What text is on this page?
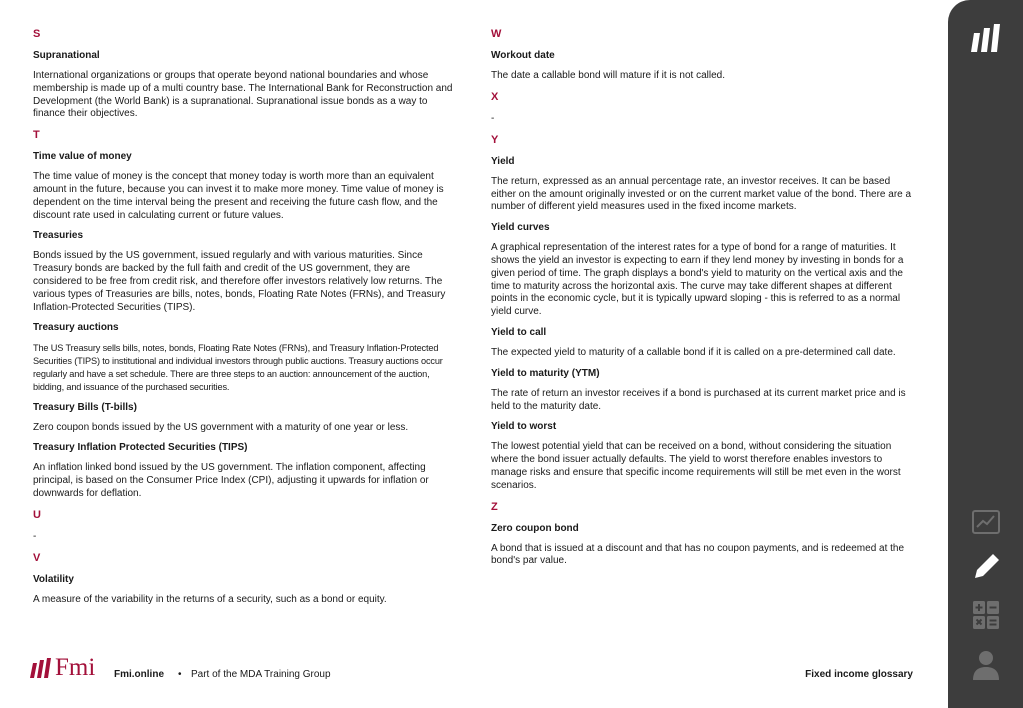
S
Supranational
International organizations or groups that operate beyond national boundaries and whose membership is made up of a multi country base. The International Bank for Reconstruction and Development (the World Bank) is a supranational. Supranational issue bonds as a way to finance their objectives.
T
Time value of money
The time value of money is the concept that money today is worth more than an equivalent amount in the future, because you can invest it to make more money. Time value of money is dependent on the time interval being the present and receiving the future cash flow, and the discount rate used in calculating current or future values.
Treasuries
Bonds issued by the US government, issued regularly and with various maturities. Since Treasury bonds are backed by the full faith and credit of the US government, they are considered to be free from credit risk, and therefore offer investors relatively low returns. The various types of Treasuries are bills, notes, bonds, Floating Rate Notes (FRNs), and Treasury Inflation-Protected Securities (TIPS).
Treasury auctions
The US Treasury sells bills, notes, bonds, Floating Rate Notes (FRNs), and Treasury Inflation-Protected Securities (TIPS) to institutional and individual investors through public auctions. Treasury auctions occur regularly and have a set schedule. There are three steps to an auction: announcement of the auction, bidding, and issuance of the purchased securities.
Treasury Bills (T-bills)
Zero coupon bonds issued by the US government with a maturity of one year or less.
Treasury Inflation Protected Securities (TIPS)
An inflation linked bond issued by the US government. The inflation component, affecting principal, is based on the Consumer Price Index (CPI), adjusting it upwards for inflation or downwards for deflation.
U
-
V
Volatility
A measure of the variability in the returns of a security, such as a bond or equity.
W
Workout date
The date a callable bond will mature if it is not called.
X
-
Y
Yield
The return, expressed as an annual percentage rate, an investor receives. It can be based either on the amount originally invested or on the current market value of the bond. There are a number of different yield measures used in the fixed income markets.
Yield curves
A graphical representation of the interest rates for a type of bond for a range of maturities. It shows the yield an investor is expecting to earn if they lend money by investing in bonds for a given period of time. The graph displays a bond's yield to maturity on the vertical axis and the time to maturity across the horizontal axis. The curve may take different shapes at different points in the economic cycle, but it is typically upward sloping - this is referred to as a normal yield curve.
Yield to call
The expected yield to maturity of a callable bond if it is called on a pre-determined call date.
Yield to maturity (YTM)
The rate of return an investor receives if a bond is purchased at its current market price and is held to the maturity date.
Yield to worst
The lowest potential yield that can be received on a bond, without considering the situation where the bond issuer actually defaults. The yield to worst therefore enables investors to manage risks and ensure that specific income requirements will still be met even in the worst scenarios.
Z
Zero coupon bond
A bond that is issued at a discount and that has no coupon payments, and is redeemed at the bond's par value.
Fmi Fmi.online • Part of the MDA Training Group	Fixed income glossary
